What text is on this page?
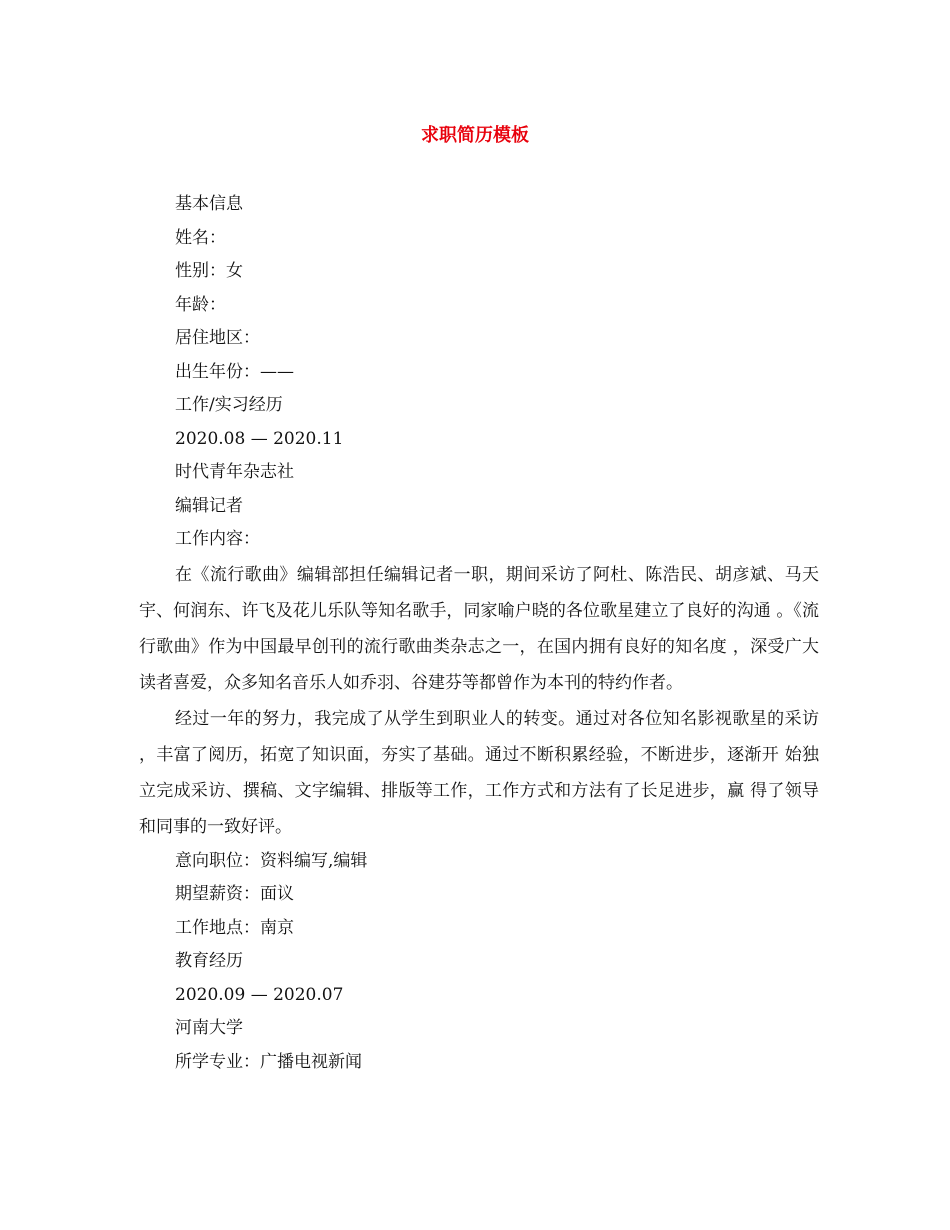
求职简历模板

基本信息

姓名：

性别：女

年龄：

居住地区：

出生年份：——

工作/实习经历

2020.08 — 2020.11

时代青年杂志社

编辑记者

工作内容：

在《流行歌曲》编辑部担任编辑记者一职，期间采访了阿杜、陈浩民、胡彦斌、马天 宇、何润东、许飞及花儿乐队等知名歌手，同家喻户晓的各位歌星建立了良好的沟通 。《流行歌曲》作为中国最早创刊的流行歌曲类杂志之一，在国内拥有良好的知名度 ，深受广大读者喜爱，众多知名音乐人如乔羽、谷建芬等都曾作为本刊的特约作者。

经过一年的努力，我完成了从学生到职业人的转变。通过对各位知名影视歌星的采访 ，丰富了阅历，拓宽了知识面，夯实了基础。通过不断积累经验，不断进步，逐渐开 始独立完成采访、撰稿、文字编辑、排版等工作，工作方式和方法有了长足进步，赢 得了领导和同事的一致好评。

意向职位：资料编写,编辑

期望薪资：面议

工作地点：南京

教育经历

2020.09 — 2020.07

河南大学

所学专业：广播电视新闻
